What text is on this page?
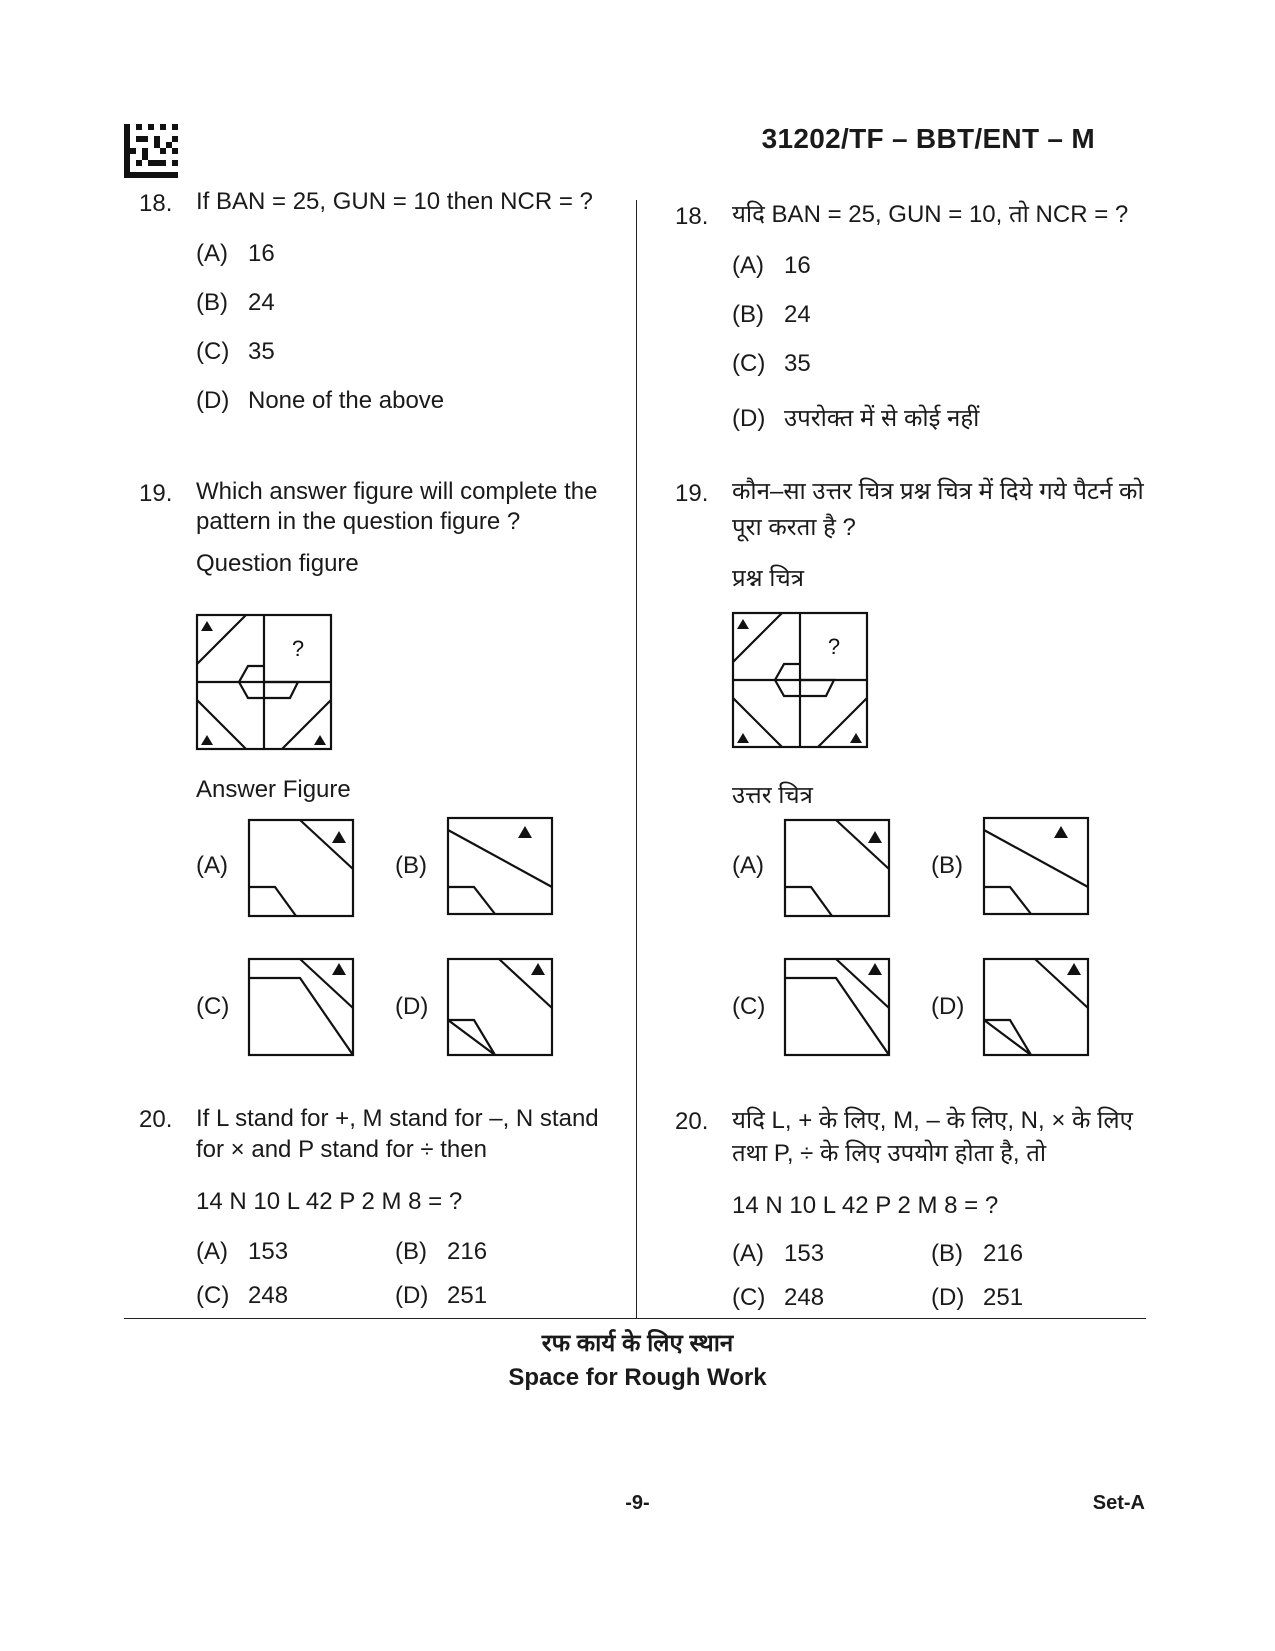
31202/TF – BBT/ENT – M
18. If BAN = 25, GUN = 10 then NCR = ?
(A) 16
(B) 24
(C) 35
(D) None of the above
19. Which answer figure will complete the
pattern in the question figure ?
Question figure
?
Answer Figure
(A)	(B)
(C)	(D)
20. If L stand for +, M stand for –, N stand
for × and P stand for ÷ then
14 N 10 L 42 P 2 M 8 = ?
(A) 153	(B) 216
(C) 248	(D) 251
18. यदि BAN = 25, GUN = 10, तो NCR = ?
(A) 16
(B) 24
(C) 35
(D) उपरोक्त में से कोई नहीं
19. कौन–सा उत्तर चित्र प्रश्न चित्र में दिये गये पैटर्न को
पूरा करता है ?
प्रश्न चित्र
?
उत्तर चित्र
(A)	(B)
(C)	(D)
20. यदि L, + के लिए, M, – के लिए, N, × के लिए
तथा P, ÷ के लिए उपयोग होता है, तो
14 N 10 L 42 P 2 M 8 = ?
(A) 153	(B) 216
(C) 248	(D) 251
रफ कार्य के लिए स्थान
Space for Rough Work
-9-	Set-A
